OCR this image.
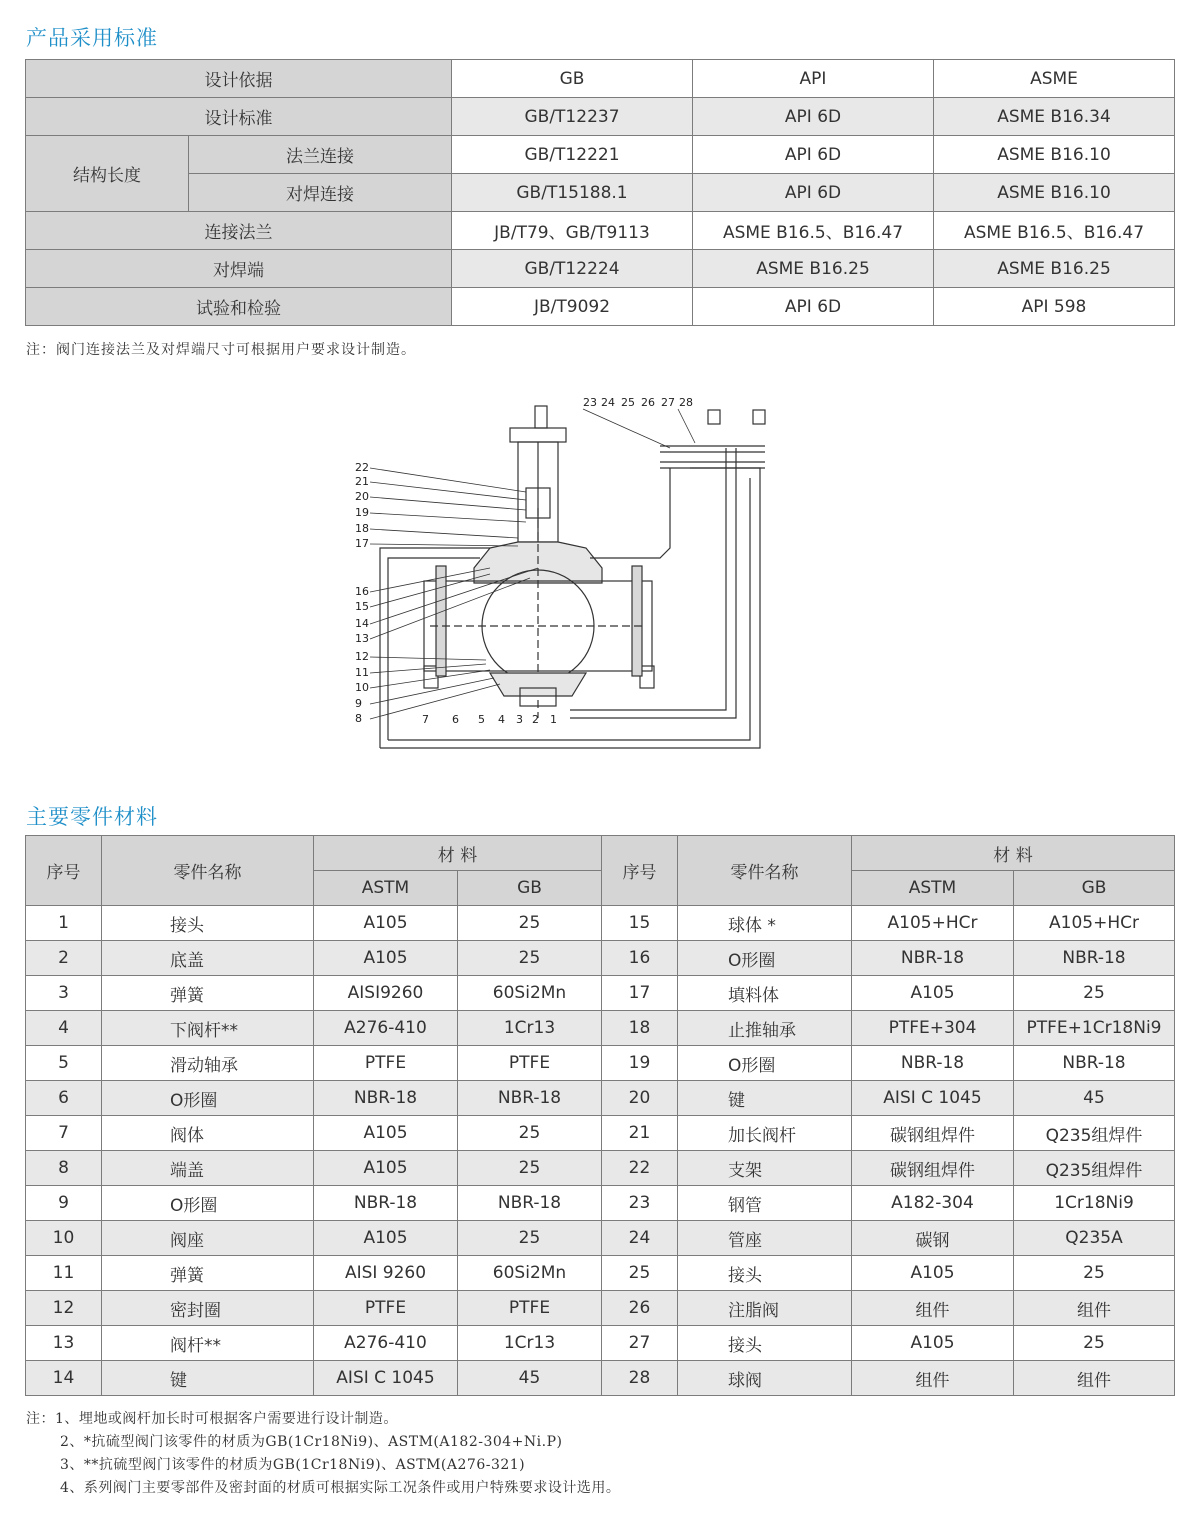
产品采用标准
设计依据		GB	API	ASME
设计标准		GB/T12237	API 6D	ASME B16.34
结构长度	法兰连接	GB/T12221	API 6D	ASME B16.10
	对焊连接	GB/T15188.1	API 6D	ASME B16.10
连接法兰		JB/T79、GB/T9113	ASME B16.5、B16.47	ASME B16.5、B16.47
对焊端		GB/T12224	ASME B16.25	ASME B16.25
试验和检验		JB/T9092	API 6D	API 598
注：阀门连接法兰及对焊端尺寸可根据用户要求设计制造。
22
21
20
19
18
17
16
15
14
13
12
11
10
9
8	7 6 5 4 3 2 1
23 24 25 26 27 28
主要零件材料
序号	零件名称	材 料		序号	零件名称	材 料	
		ASTM	GB			ASTM	GB
1	接头	A105	25	15	球体 *	A105+HCr	A105+HCr
2	底盖	A105	25	16	O形圈	NBR-18	NBR-18
3	弹簧	AISI9260	60Si2Mn	17	填料体	A105	25
4	下阀杆**	A276-410	1Cr13	18	止推轴承	PTFE+304	PTFE+1Cr18Ni9
5	滑动轴承	PTFE	PTFE	19	O形圈	NBR-18	NBR-18
6	O形圈	NBR-18	NBR-18	20	键	AISI C 1045	45
7	阀体	A105	25	21	加长阀杆	碳钢组焊件	Q235组焊件
8	端盖	A105	25	22	支架	碳钢组焊件	Q235组焊件
9	O形圈	NBR-18	NBR-18	23	钢管	A182-304	1Cr18Ni9
10	阀座	A105	25	24	管座	碳钢	Q235A
11	弹簧	AISI 9260	60Si2Mn	25	接头	A105	25
12	密封圈	PTFE	PTFE	26	注脂阀	组件	组件
13	阀杆**	A276-410	1Cr13	27	接头	A105	25
14	键	AISI C 1045	45	28	球阀	组件	组件
注：1、埋地或阀杆加长时可根据客户需要进行设计制造。
2、*抗硫型阀门该零件的材质为GB(1Cr18Ni9)、ASTM(A182-304+Ni.P)
3、**抗硫型阀门该零件的材质为GB(1Cr18Ni9)、ASTM(A276-321)
4、系列阀门主要零部件及密封面的材质可根据实际工况条件或用户特殊要求设计选用。
